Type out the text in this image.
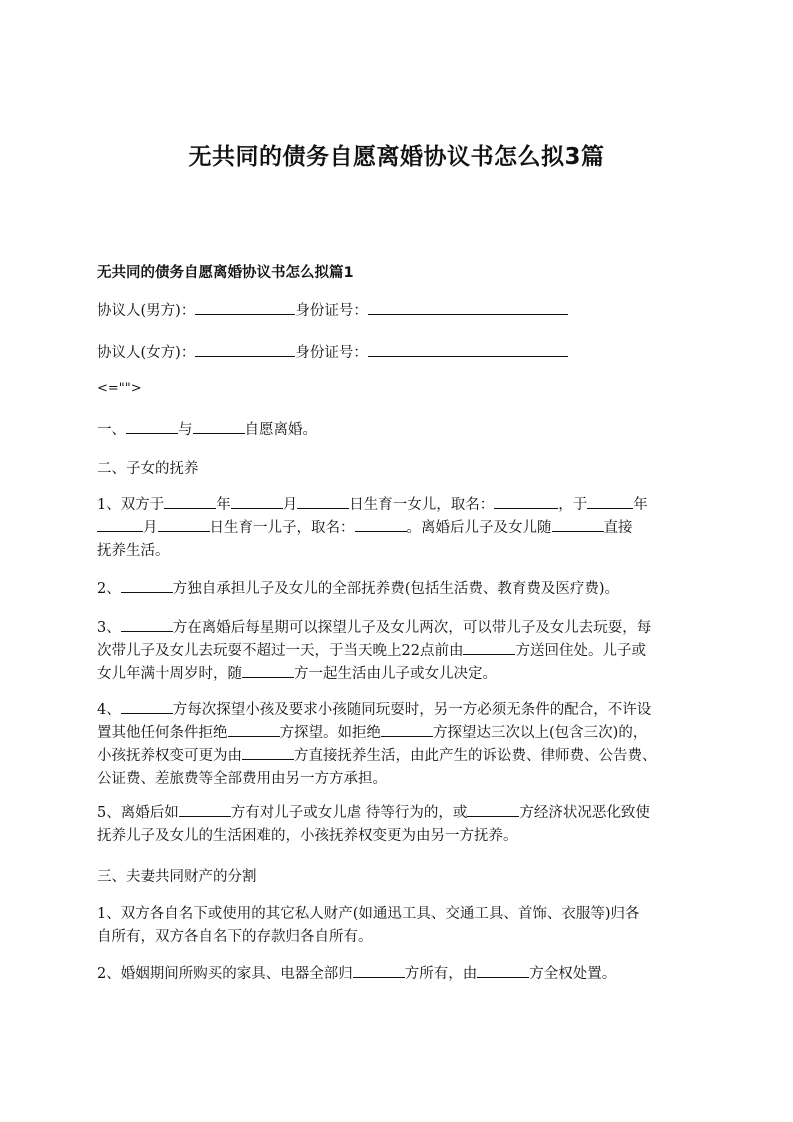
无共同的债务自愿离婚协议书怎么拟3篇
无共同的债务自愿离婚协议书怎么拟篇1

协议人(男方)：	身份证号：

协议人(女方)：	身份证号：

<="">

一、	与	自愿离婚。

二、子女的抚养

1、双方于	年	月	日生育一女儿，取名：	，于	年
月	日生育一儿子，取名：	。离婚后儿子及女儿随	直接
抚养生活。

2、	方独自承担儿子及女儿的全部抚养费(包括生活费、教育费及医疗费)。

3、	方在离婚后每星期可以探望儿子及女儿两次，可以带儿子及女儿去玩耍，每
次带儿子及女儿去玩耍不超过一天，于当天晚上22点前由	方送回住处。儿子或
女儿年满十周岁时，随	方一起生活由儿子或女儿决定。

4、	方每次探望小孩及要求小孩随同玩耍时，另一方必须无条件的配合，不许设
置其他任何条件拒绝	方探望。如拒绝	方探望达三次以上(包含三次)的，
小孩抚养权变可更为由	方直接抚养生活，由此产生的诉讼费、律师费、公告费、
公证费、差旅费等全部费用由另一方方承担。

5、离婚后如	方有对儿子或女儿虐 待等行为的，或	方经济状况恶化致使
抚养儿子及女儿的生活困难的，小孩抚养权变更为由另一方抚养。

三、夫妻共同财产的分割

1、双方各自名下或使用的其它私人财产(如通迅工具、交通工具、首饰、衣服等)归各
自所有，双方各自名下的存款归各自所有。

2、婚姻期间所购买的家具、电器全部归	方所有，由	方全权处置。
